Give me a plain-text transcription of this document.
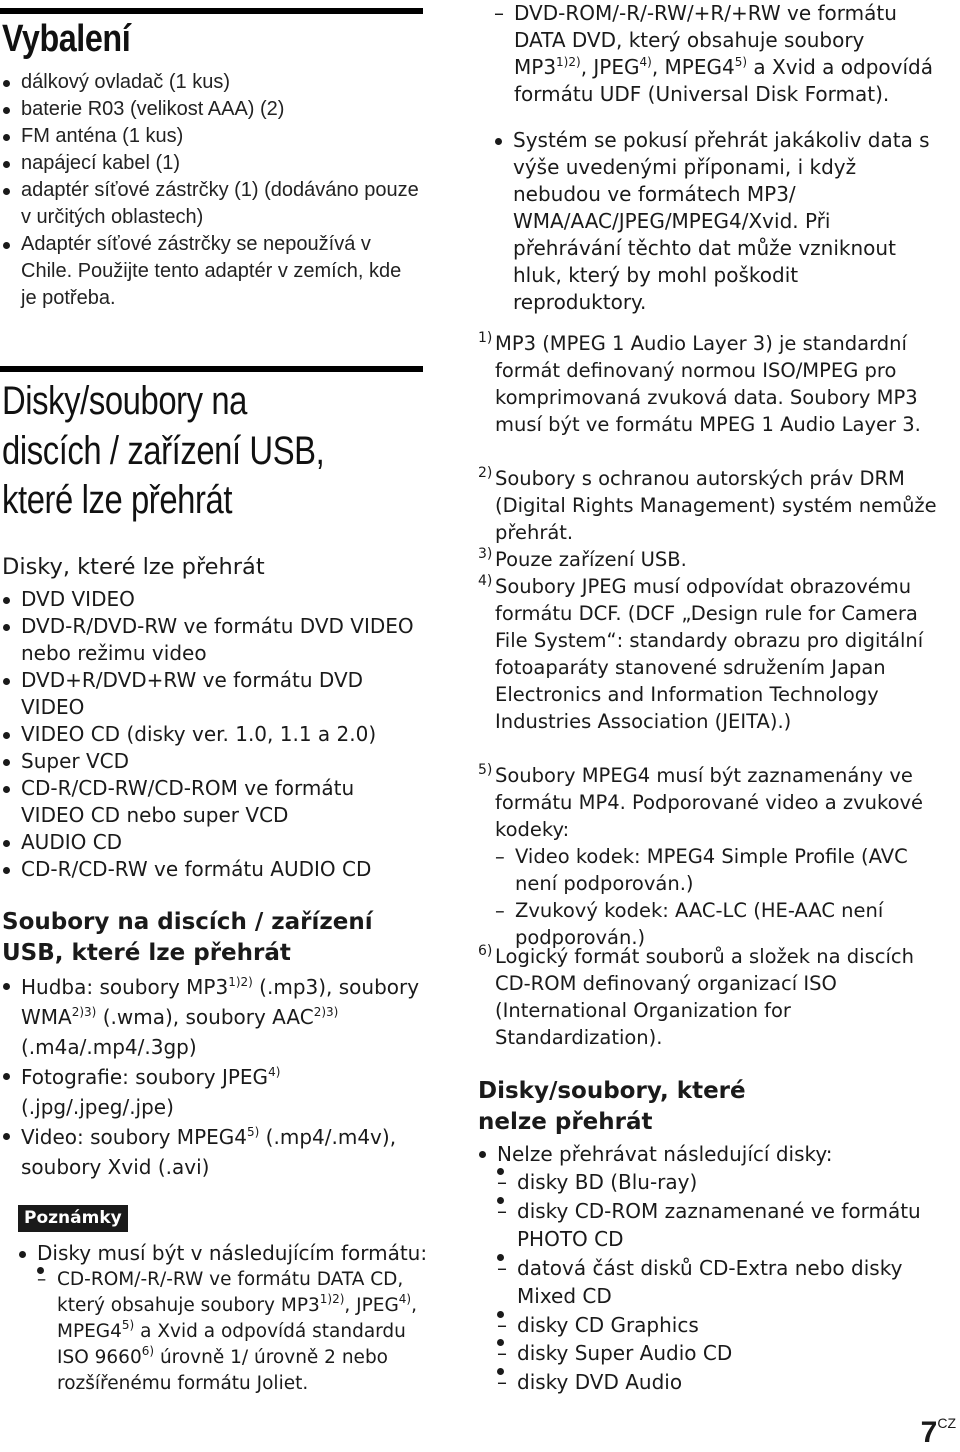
Vybalení
dálkový ovladač (1 kus)
baterie R03 (velikost AAA) (2)
FM anténa (1 kus)
napájecí kabel (1)
adaptér síťové zástrčky (1) (dodáváno pouze v určitých oblastech)
Adaptér síťové zástrčky se nepoužívá v Chile. Použijte tento adaptér v zemích, kde je potřeba.
Disky/soubory na
discích / zařízení USB,
které lze přehrát
Disky, které lze přehrát
DVD VIDEO
DVD-R/DVD-RW ve formátu DVD VIDEO nebo režimu video
DVD+R/DVD+RW ve formátu DVD VIDEO
VIDEO CD (disky ver. 1.0, 1.1 a 2.0)
Super VCD
CD-R/CD-RW/CD-ROM ve formátu VIDEO CD nebo super VCD
AUDIO CD
CD-R/CD-RW ve formátu AUDIO CD
Soubory na discích / zařízení USB, které lze přehrát
Hudba: soubory $MP3^{1)2)}$ (.mp3), soubory $WMA^{2)3)}$ (.wma), soubory $AAC^{2)3)}$ (.m4a/.mp4/.3gp)
Fotografie: soubory JPEG$^{4)}$ (.jpg/.jpeg/.jpe)
Video: soubory MPEG4$^{5)}$ (.mp4/.m4v), soubory Xvid (.avi)
Poznámky
Disky musí být v následujícím formátu:
– CD-ROM/-R/-RW ve formátu DATA CD, který obsahuje soubory $MP3^{1)2)}$, JPEG$^{4)}$, MPEG4$^{5)}$ a Xvid a odpovídá standardu ISO 9660$^{6)}$ úrovně 1/ úrovně 2 nebo rozšířenému formátu Joliet.
– DVD-ROM/-R/-RW/+R/+RW ve formátu DATA DVD, který obsahuje soubory $MP3^{1)2)}$, JPEG$^{4)}$, MPEG4$^{5)}$ a Xvid a odpovídá formátu UDF (Universal Disk Format).
Systém se pokusí přehrát jakákoliv data s výše uvedenými příponami, i když nebudou ve formátech MP3/ WMA/AAC/JPEG/MPEG4/Xvid. Při přehrávání těchto dat může vzniknout hluk, který by mohl poškodit reproduktory.
1) MP3 (MPEG 1 Audio Layer 3) je standardní formát definovaný normou ISO/MPEG pro komprimovaná zvuková data. Soubory MP3 musí být ve formátu MPEG 1 Audio Layer 3.
2) Soubory s ochranou autorských práv DRM (Digital Rights Management) systém nemůže přehrát.
3) Pouze zařízení USB.
4) Soubory JPEG musí odpovídat obrazovému formátu DCF. (DCF „Design rule for Camera File System“: standardy obrazu pro digitální fotoaparáty stanovené sdružením Japan Electronics and Information Technology Industries Association (JEITA).)
5) Soubory MPEG4 musí být zaznamenány ve formátu MP4. Podporované video a zvukové kodeky:
– Video kodek: MPEG4 Simple Profile (AVC není podporován.)
– Zvukový kodek: AAC-LC (HE-AAC není podporován.)
6) Logický formát souborů a složek na discích CD-ROM definovaný organizací ISO (International Organization for Standardization).
Disky/soubory, které nelze přehrát
Nelze přehrávat následující disky:
– disky BD (Blu-ray)
– disky CD-ROM zaznamenané ve formátu PHOTO CD
– datová část disků CD-Extra nebo disky Mixed CD
– disky CD Graphics
– disky Super Audio CD
– disky DVD Audio
$7^{CZ}$
